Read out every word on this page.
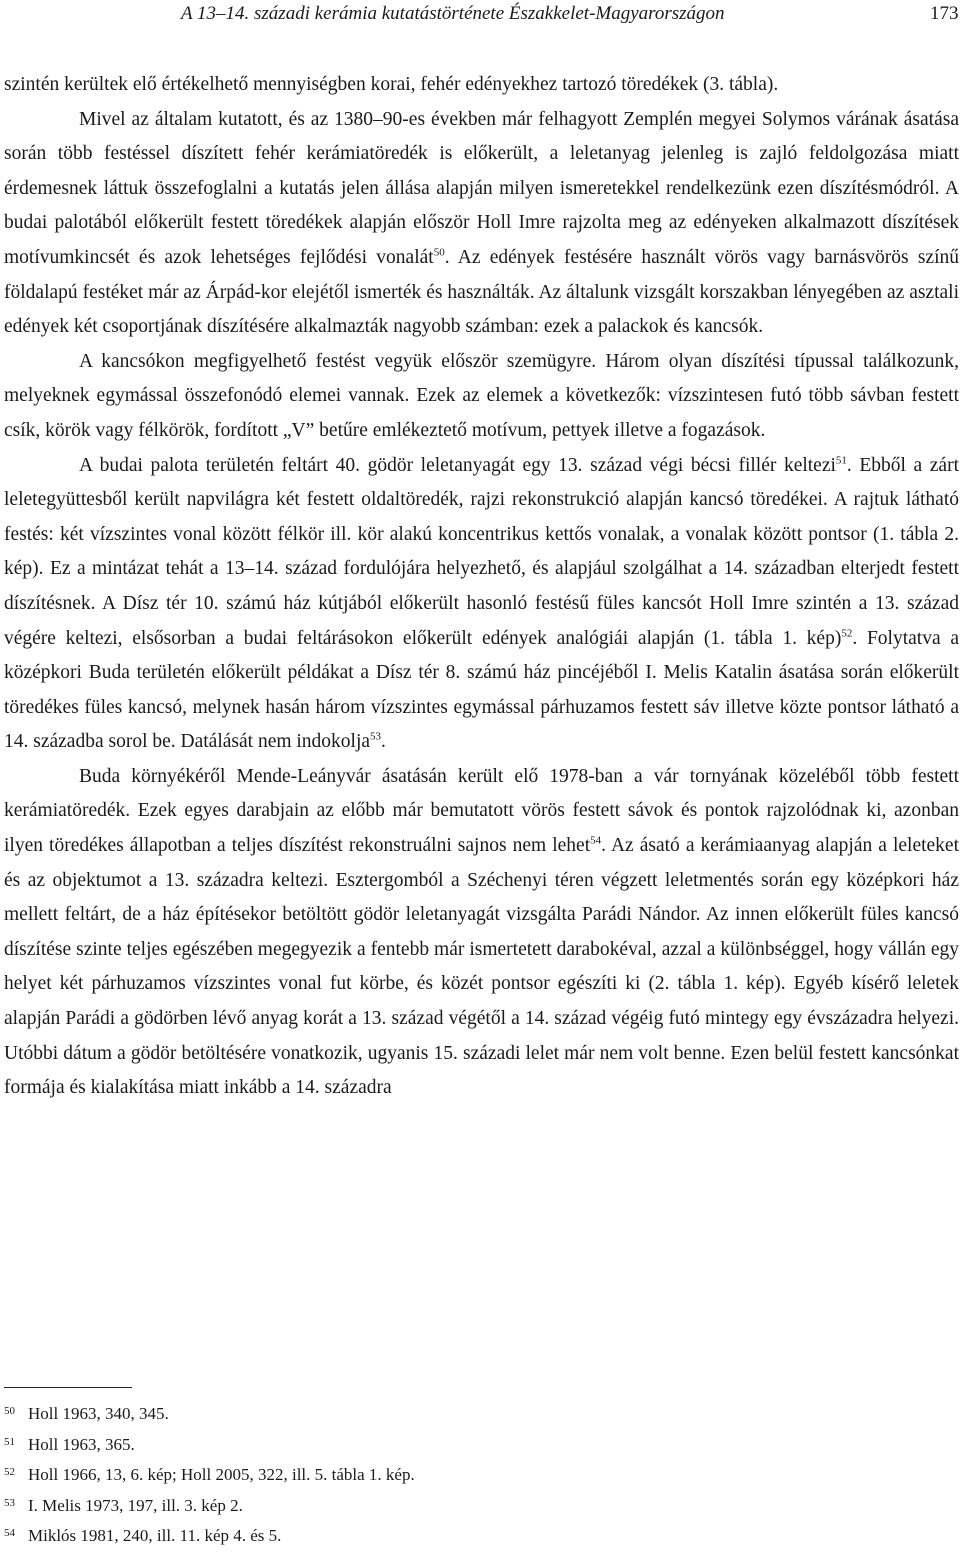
A 13–14. századi kerámia kutatástörténete Északkelet-Magyarországon	173

szintén kerültek elő értékelhető mennyiségben korai, fehér edényekhez tartozó töredékek (3. tábla).

Mivel az általam kutatott, és az 1380–90-es években már felhagyott Zemplén megyei Solymos várának ásatása során több festéssel díszített fehér kerámiatöredék is előkerült, a leletanyag jelenleg is zajló feldolgozása miatt érdemesnek láttuk összefoglalni a kutatás jelen állása alapján milyen ismeretekkel rendelkezünk ezen díszítésmódról. A budai palotából előkerült festett töredékek alapján először Holl Imre rajzolta meg az edényeken alkalmazott díszítések motívumkincsét és azok lehetséges fejlődési vonalát$^{50}$. Az edények festésére használt vörös vagy barnásvörös színű földalapú festéket már az Árpád-kor elejétől ismerték és használták. Az általunk vizsgált korszakban lényegében az asztali edények két csoportjának díszítésére alkalmazták nagyobb számban: ezek a palackok és kancsók.

A kancsókon megfigyelhető festést vegyük először szemügyre. Három olyan díszítési típussal találkozunk, melyeknek egymással összefonódó elemei vannak. Ezek az elemek a következők: vízszintesen futó több sávban festett csík, körök vagy félkörök, fordított „V” betűre emlékeztető motívum, pettyek illetve a fogazások.

A budai palota területén feltárt 40. gödör leletanyagát egy 13. század végi bécsi fillér keltezi$^{51}$. Ebből a zárt leletegyüttesből került napvilágra két festett oldaltöredék, rajzi rekonstrukció alapján kancsó töredékei. A rajtuk látható festés: két vízszintes vonal között félkör ill. kör alakú koncentrikus kettős vonalak, a vonalak között pontsor (1. tábla 2. kép). Ez a mintázat tehát a 13–14. század fordulójára helyezhető, és alapjául szolgálhat a 14. században elterjedt festett díszítésnek. A Dísz tér 10. számú ház kútjából előkerült hasonló festésű füles kancsót Holl Imre szintén a 13. század végére keltezi, elsősorban a budai feltárásokon előkerült edények analógiái alapján (1. tábla 1. kép)$^{52}$. Folytatva a középkori Buda területén előkerült példákat a Dísz tér 8. számú ház pincéjéből I. Melis Katalin ásatása során előkerült töredékes füles kancsó, melynek hasán három vízszintes egymással párhuzamos festett sáv illetve közte pontsor látható a 14. századba sorol be. Datálását nem indokolja$^{53}$.

Buda környékéről Mende-Leányvár ásatásán került elő 1978-ban a vár tornyának közeléből több festett kerámiatöredék. Ezek egyes darabjain az előbb már bemutatott vörös festett sávok és pontok rajzolódnak ki, azonban ilyen töredékes állapotban a teljes díszítést rekonstruálni sajnos nem lehet$^{54}$. Az ásató a kerámiaanyag alapján a leleteket és az objektumot a 13. századra keltezi. Esztergomból a Széchenyi téren végzett leletmentés során egy középkori ház mellett feltárt, de a ház építésekor betöltött gödör leletanyagát vizsgálta Parádi Nándor. Az innen előkerült füles kancsó díszítése szinte teljes egészében megegyezik a fentebb már ismertetett darabokéval, azzal a különbséggel, hogy vállán egy helyet két párhuzamos vízszintes vonal fut körbe, és közét pontsor egészíti ki (2. tábla 1. kép). Egyéb kísérő leletek alapján Parádi a gödörben lévő anyag korát a 13. század végétől a 14. század végéig futó mintegy egy évszázadra helyezi. Utóbbi dátum a gödör betöltésére vonatkozik, ugyanis 15. századi lelet már nem volt benne. Ezen belül festett kancsónkat formája és kialakítása miatt inkább a 14. századra

50 Holl 1963, 340, 345.
51 Holl 1963, 365.
52 Holl 1966, 13, 6. kép; Holl 2005, 322, ill. 5. tábla 1. kép.
53 I. Melis 1973, 197, ill. 3. kép 2.
54 Miklós 1981, 240, ill. 11. kép 4. és 5.
